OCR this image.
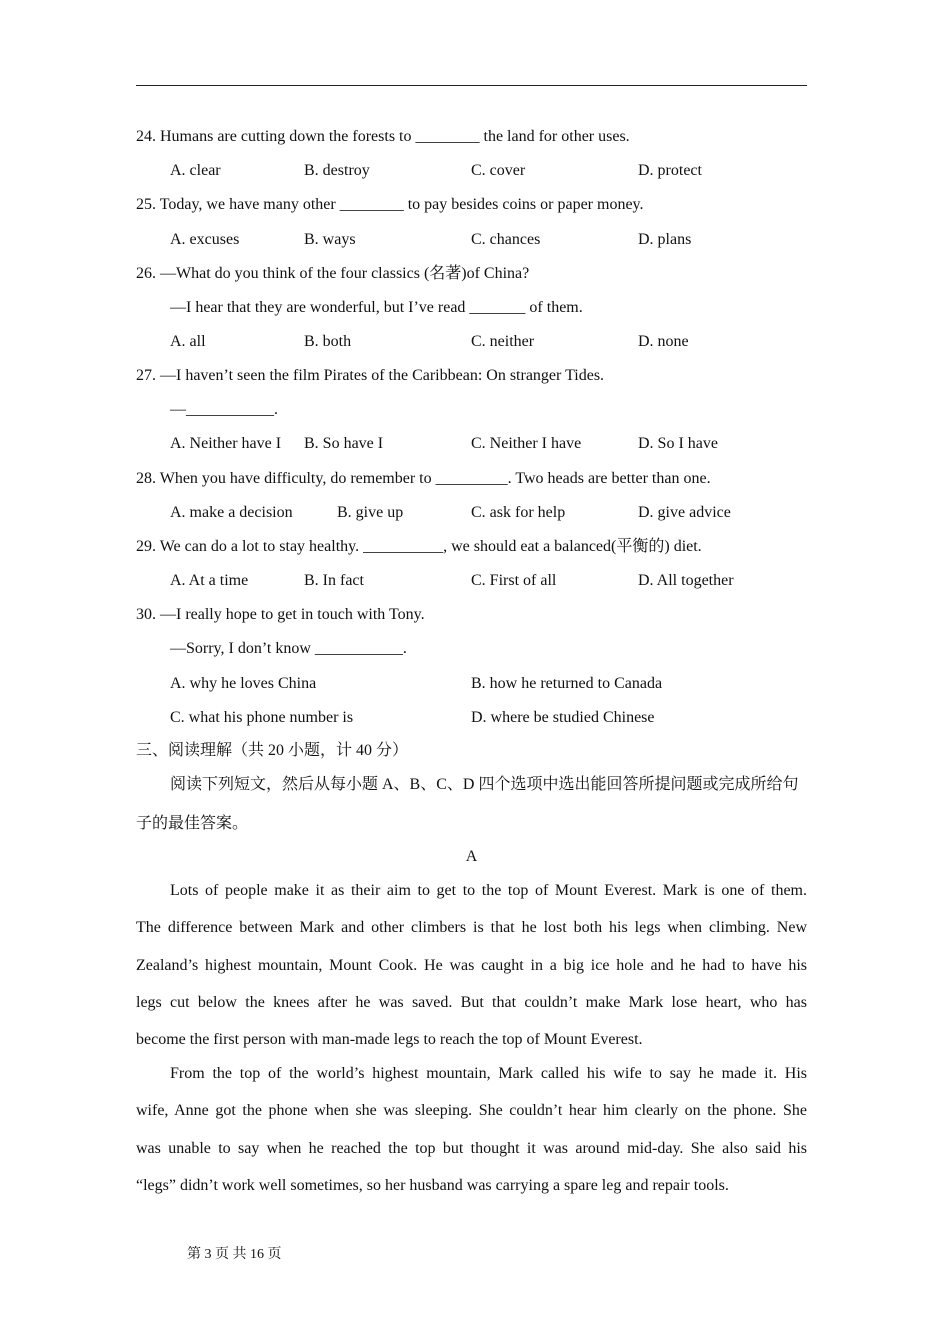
24. Humans are cutting down the forests to ________ the land for other uses.
A. clear	B. destroy	C. cover	D. protect
25. Today, we have many other ________ to pay besides coins or paper money.
A. excuses	B. ways	C. chances	D. plans
26. —What do you think of the four classics (名著)of China?
—I hear that they are wonderful, but I’ve read _______ of them.
A. all	B. both	C. neither	D. none
27. —I haven’t seen the film Pirates of the Caribbean: On stranger Tides.
—___________.
A. Neither have I B. So have I	C. Neither I have	D. So I have
28. When you have difficulty, do remember to _________. Two heads are better than one.
A. make a decision	B. give up	C. ask for help	D. give advice
29. We can do a lot to stay healthy. __________, we should eat a balanced(平衡的) diet.
A. At a time	B. In fact	C. First of all	D. All together
30. —I really hope to get in touch with Tony.
—Sorry, I don’t know ___________.
A. why he loves China	B. how he returned to Canada
C. what his phone number is	D. where be studied Chinese
三、阅读理解（共 20 小题，计 40 分）
阅读下列短文，然后从每小题 A、B、C、D 四个选项中选出能回答所提问题或完成所给句
子的最佳答案。
A
Lots of people make it as their aim to get to the top of Mount Everest. Mark is one of them.
The difference between Mark and other climbers is that he lost both his legs when climbing. New
Zealand’s highest mountain, Mount Cook. He was caught in a big ice hole and he had to have his
legs cut below the knees after he was saved. But that couldn’t make Mark lose heart, who has
become the first person with man-made legs to reach the top of Mount Everest.
From the top of the world’s highest mountain, Mark called his wife to say he made it. His
wife, Anne got the phone when she was sleeping. She couldn’t hear him clearly on the phone. She
was unable to say when he reached the top but thought it was around mid-day. She also said his
“legs” didn’t work well sometimes, so her husband was carrying a spare leg and repair tools.
第 3 页 共 16 页
